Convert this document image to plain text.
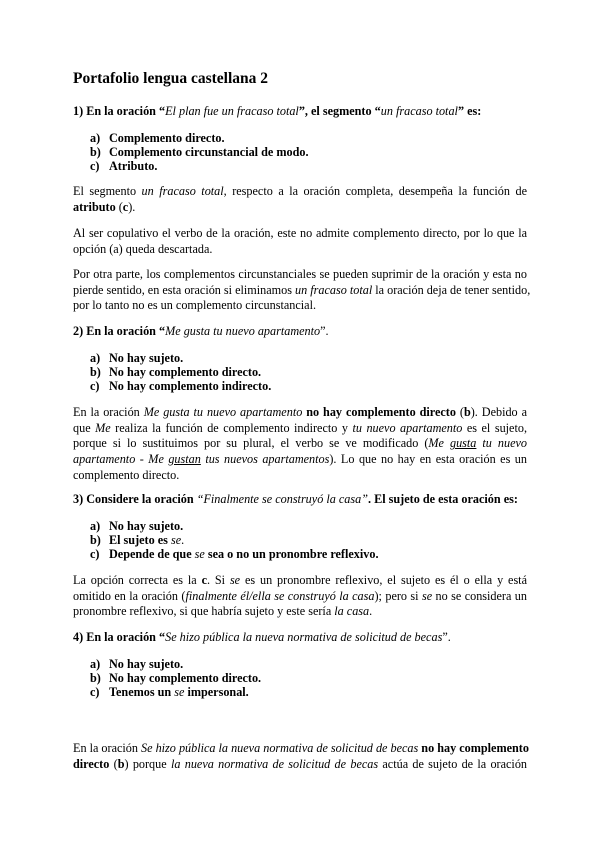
Portafolio lengua castellana 2
1) En la oración “El plan fue un fracaso total”, el segmento “un fracaso total” es:
a) Complemento directo.
b) Complemento circunstancial de modo.
c) Atributo.
El segmento un fracaso total, respecto a la oración completa, desempeña la función de
atributo (c).
Al ser copulativo el verbo de la oración, este no admite complemento directo, por lo que la
opción (a) queda descartada.
Por otra parte, los complementos circunstanciales se pueden suprimir de la oración y esta no
pierde sentido, en esta oración si eliminamos un fracaso total la oración deja de tener sentido,
por lo tanto no es un complemento circunstancial.
2) En la oración “Me gusta tu nuevo apartamento”.
a) No hay sujeto.
b) No hay complemento directo.
c) No hay complemento indirecto.
En la oración Me gusta tu nuevo apartamento no hay complemento directo (b). Debido a
que Me realiza la función de complemento indirecto y tu nuevo apartamento es el sujeto,
porque si lo sustituimos por su plural, el verbo se ve modificado (Me gusta tu nuevo
apartamento - Me gustan tus nuevos apartamentos). Lo que no hay en esta oración es un
complemento directo.
3) Considere la oración “Finalmente se construyó la casa”. El sujeto de esta oración es:
a) No hay sujeto.
b) El sujeto es se.
c) Depende de que se sea o no un pronombre reflexivo.
La opción correcta es la c. Si se es un pronombre reflexivo, el sujeto es él o ella y está
omitido en la oración (finalmente él/ella se construyó la casa); pero si se no se considera un
pronombre reflexivo, si que habría sujeto y este sería la casa.
4) En la oración “Se hizo pública la nueva normativa de solicitud de becas”.
a) No hay sujeto.
b) No hay complemento directo.
c) Tenemos un se impersonal.
En la oración Se hizo pública la nueva normativa de solicitud de becas no hay complemento
directo (b) porque la nueva normativa de solicitud de becas actúa de sujeto de la oración
